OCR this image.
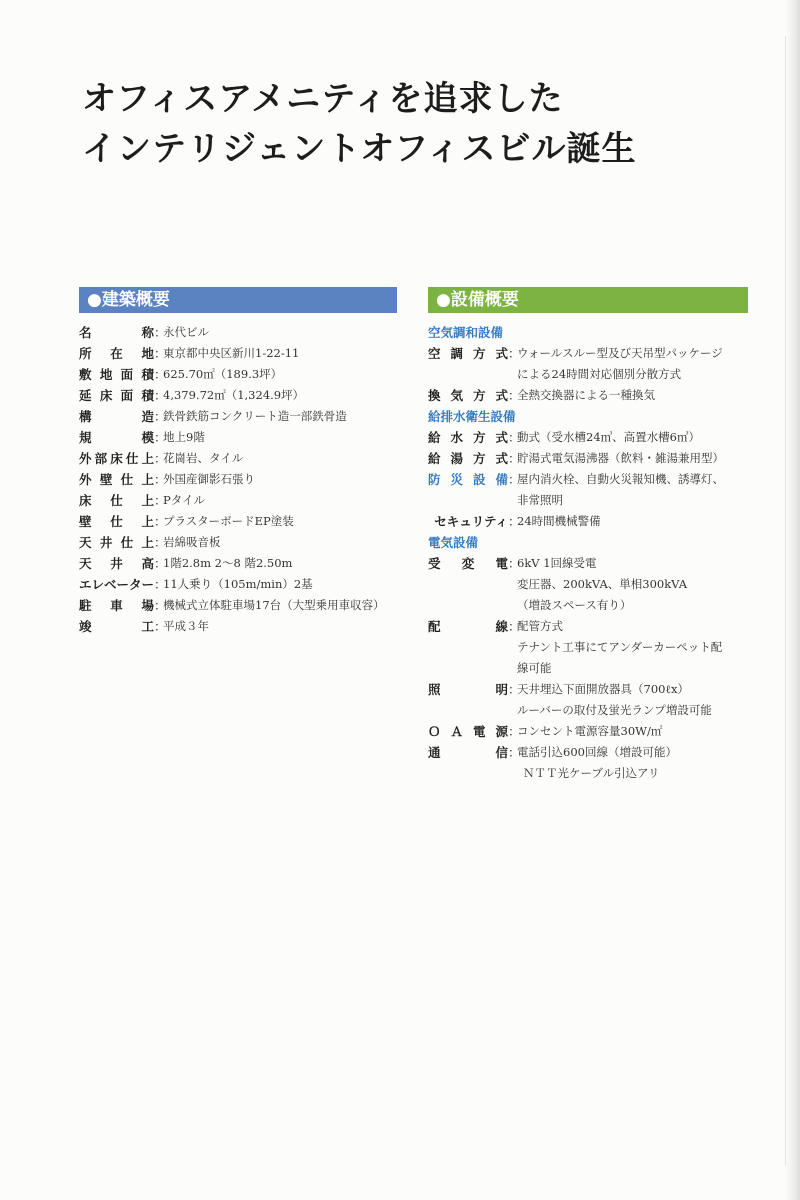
オフィスアメニティを追求した
インテリジェントオフィスビル誕生
●建築概要
名称 ：
永代ビル
所在地 ：
東京都中央区新川1-22-11
敷地面積 ：
625.70㎡（189.3坪）
延床面積 ：
4,379.72㎡（1,324.9坪）
構造 ：
鉄骨鉄筋コンクリート造一部鉄骨造
規模 ：
地上9階
外部床仕上 ：
花崗岩、タイル
外壁仕上 ：
外国産御影石張り
床仕上 ：
Pタイル
壁仕上 ：
プラスターボードEP塗装
天井仕上 ：
岩綿吸音板
天井高 ：
1階2.8m 2〜8 階2.50m
エレベーター ：
11人乗り（105m/min）2基
駐車場 ：
機械式立体駐車場17台（大型乗用車収容）
竣工 ：
平成３年
●設備概要
空気調和設備
空調方式 ：
ウォールスルー型及び天吊型パッケージ
による24時間対応個別分散方式
換気方式 ：
全熱交換器による一種換気
給排水衛生設備
給水方式 ：
動式（受水槽24㎥、高置水槽6㎥）
給湯方式 ：
貯湯式電気湯沸器（飲料・雑湯兼用型）
防災設備 ：
屋内消火栓、自動火災報知機、誘導灯、
非常照明
セキュリティ ：
24時間機械警備
電気設備
受変電 ：
6kV 1回線受電
変圧器、200kVA、単相300kVA
（増設スペース有り）
配線 ：
配管方式
テナント工事にてアンダーカーペット配
線可能
照明 ：
天井埋込下面開放器具（700ℓx）
ルーバーの取付及蛍光ランプ増設可能
ＯＡ電源 ：
コンセント電源容量30W/㎡
通信 ：
電話引込600回線（増設可能）
ＮＴＴ光ケーブル引込アリ
